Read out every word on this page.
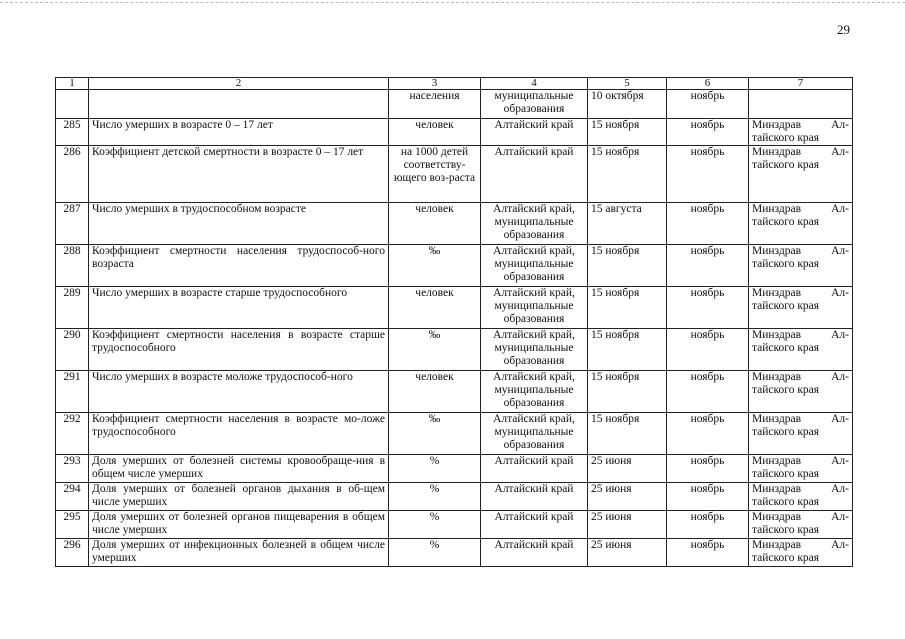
29
1	2	3	4	5	6	7
		населения	муниципальные образования	10 октября	ноябрь	
285	Число умерших в возрасте 0 – 17 лет	человек	Алтайский край	15 ноября	ноябрь	Минздрав Ал-
тайского края

286	Коэффициент детской смертности в возрасте 0 – 17 лет	на 1000 детей соответству-ющего воз-раста	Алтайский край	15 ноября	ноябрь	Минздрав Ал-
тайского края

287	Число умерших в трудоспособном возрасте	человек	Алтайский край, муниципальные образования	15 августа	ноябрь	Минздрав Ал-
тайского края

288	Коэффициент смертности населения трудоспособ-ного возраста	‰	Алтайский край, муниципальные образования	15 ноября	ноябрь	Минздрав Ал-
тайского края

289	Число умерших в возрасте старше трудоспособного	человек	Алтайский край, муниципальные образования	15 ноября	ноябрь	Минздрав Ал-
тайского края

290	Коэффициент смертности населения в возрасте старше трудоспособного	‰	Алтайский край, муниципальные образования	15 ноября	ноябрь	Минздрав Ал-
тайского края

291	Число умерших в возрасте моложе трудоспособ-ного	человек	Алтайский край, муниципальные образования	15 ноября	ноябрь	Минздрав Ал-
тайского края

292	Коэффициент смертности населения в возрасте мо-ложе трудоспособного	‰	Алтайский край, муниципальные образования	15 ноября	ноябрь	Минздрав Ал-
тайского края

293	Доля умерших от болезней системы кровообраще-ния в общем числе умерших	%	Алтайский край	25 июня	ноябрь	Минздрав Ал-
тайского края

294	Доля умерших от болезней органов дыхания в об-щем числе умерших	%	Алтайский край	25 июня	ноябрь	Минздрав Ал-
тайского края

295	Доля умерших от болезней органов пищеварения в общем числе умерших	%	Алтайский край	25 июня	ноябрь	Минздрав Ал-
тайского края

296	Доля умерших от инфекционных болезней в общем числе умерших	%	Алтайский край	25 июня	ноябрь	Минздрав Ал-
тайского края
